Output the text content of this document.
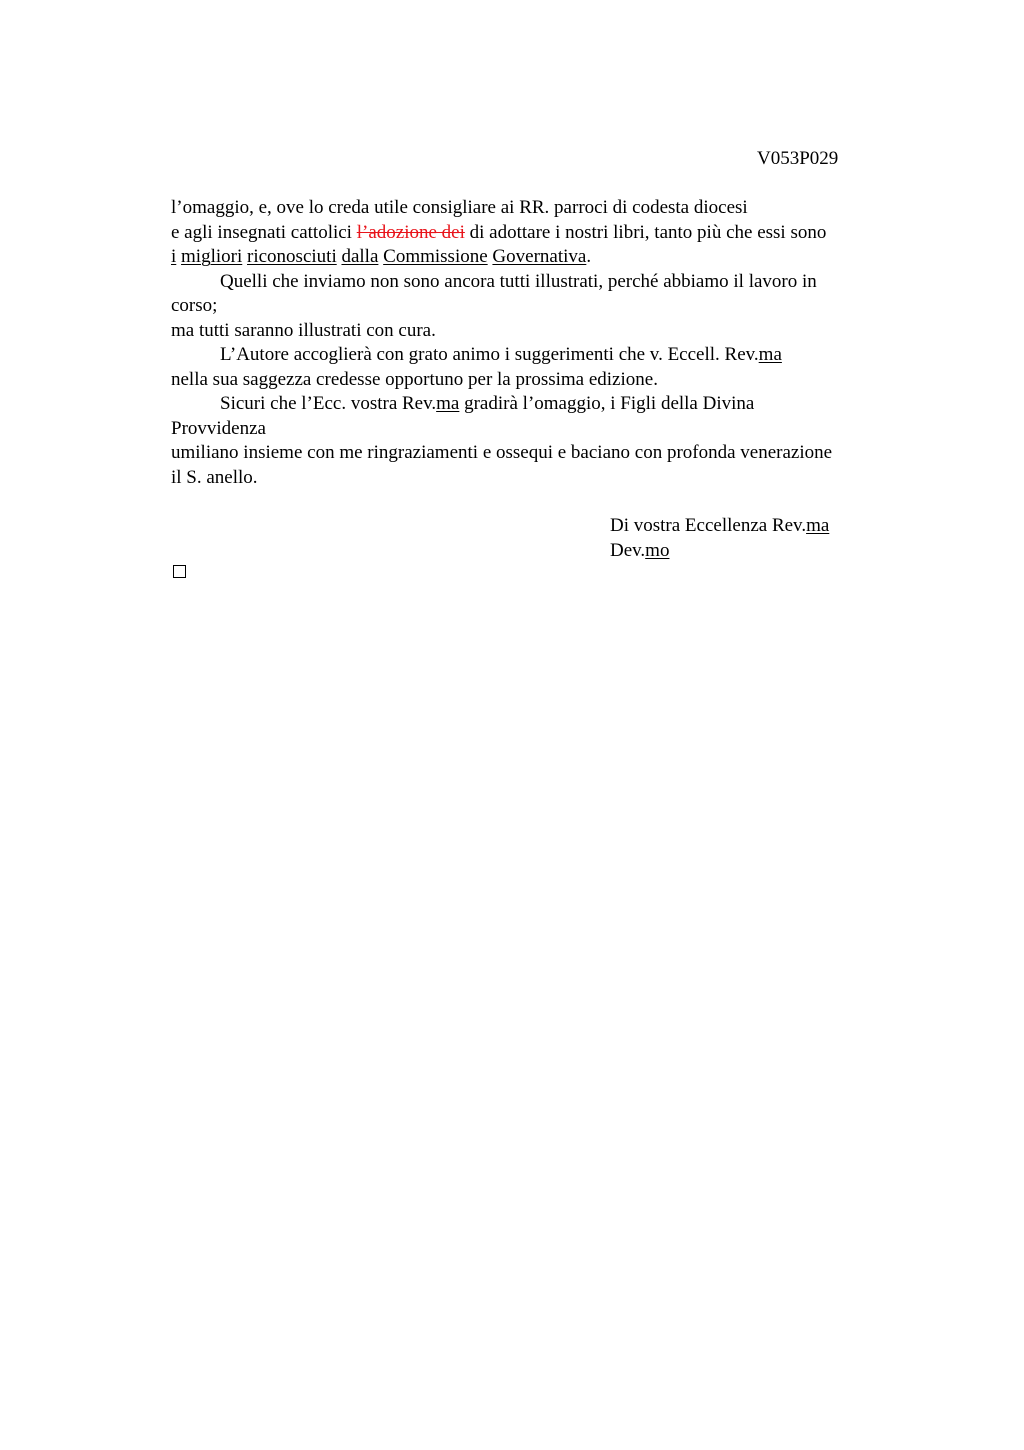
V053P029
l’omaggio, e, ove lo creda utile consigliare ai RR. parroci di codesta diocesi
e agli insegnati cattolici l’adozione dei di adottare i nostri libri, tanto più che essi sono
i migliori riconosciuti dalla Commissione Governativa.
Quelli che inviamo non sono ancora tutti illustrati, perché abbiamo il lavoro in
corso;
ma tutti saranno illustrati con cura.
L’Autore accoglierà con grato animo i suggerimenti che v. Eccell. Rev.ma
nella sua saggezza credesse opportuno per la prossima edizione.
Sicuri che l’Ecc. vostra Rev.ma gradirà l’omaggio, i Figli della Divina
Provvidenza
umiliano insieme con me ringraziamenti e ossequi e baciano con profonda venerazione
il S. anello.
Di vostra Eccellenza Rev.ma
Dev.mo
